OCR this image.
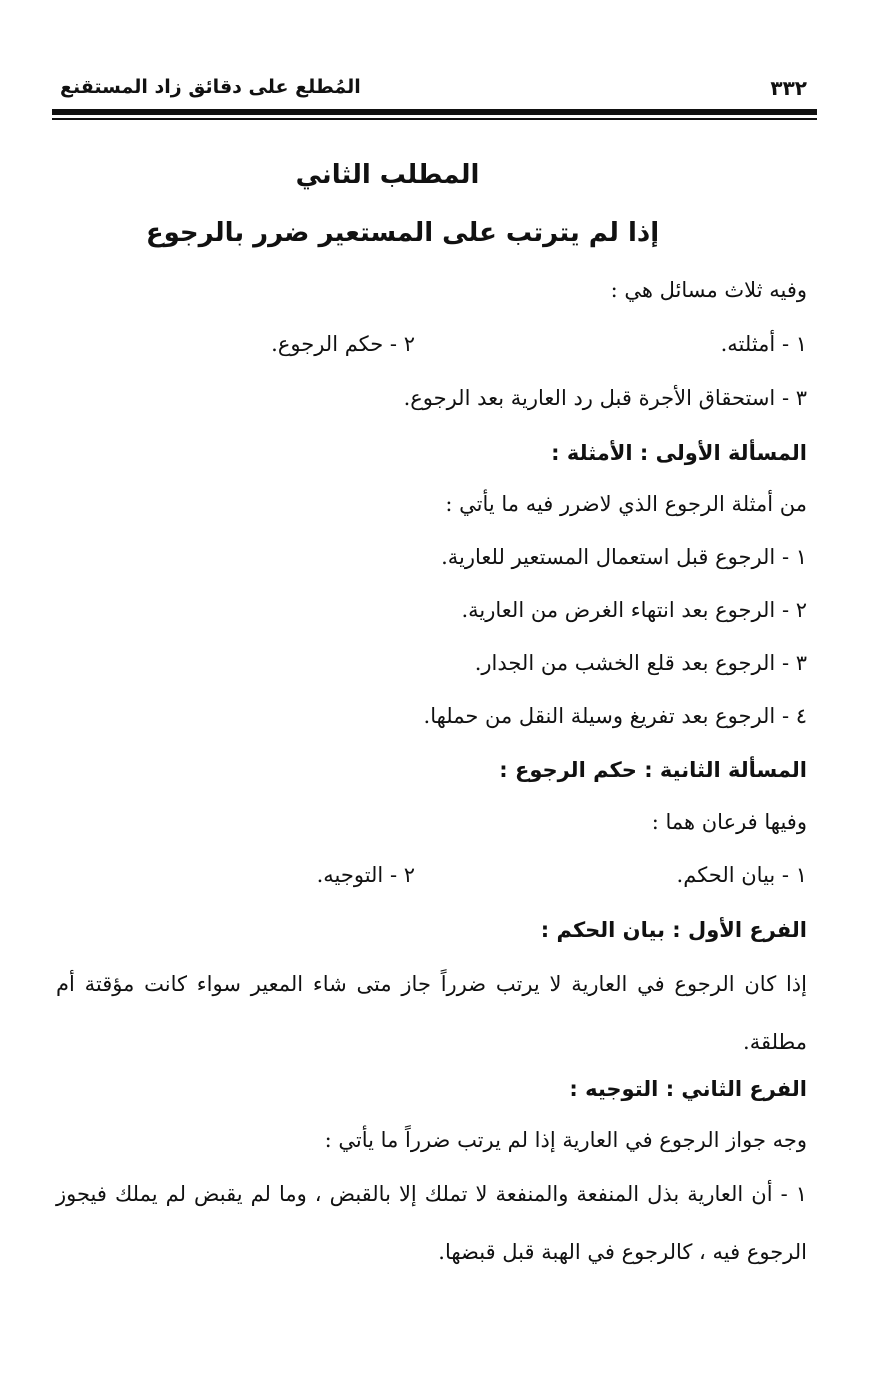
المُطلع على دقائق زاد المستقنع	٣٣٢
المطلب الثاني
إذا لم يترتب على المستعير ضرر بالرجوع
وفيه ثلاث مسائل هي :
١ - أمثلته.
٢ - حكم الرجوع.
٣ - استحقاق الأجرة قبل رد العارية بعد الرجوع.
المسألة الأولى : الأمثلة :
من أمثلة الرجوع الذي لاضرر فيه ما يأتي :
١ - الرجوع قبل استعمال المستعير للعارية.
٢ - الرجوع بعد انتهاء الغرض من العارية.
٣ - الرجوع بعد قلع الخشب من الجدار.
٤ - الرجوع بعد تفريغ وسيلة النقل من حملها.
المسألة الثانية : حكم الرجوع :
وفيها فرعان هما :
١ - بيان الحكم.
٢ - التوجيه.
الفرع الأول : بيان الحكم :
إذا كان الرجوع في العارية لا يرتب ضرراً جاز متى شاء المعير سواء كانت مؤقتة أم مطلقة.
الفرع الثاني : التوجيه :
وجه جواز الرجوع في العارية إذا لم يرتب ضرراً ما يأتي :
١ - أن العارية بذل المنفعة والمنفعة لا تملك إلا بالقبض ، وما لم يقبض لم يملك فيجوز الرجوع فيه ، كالرجوع في الهبة قبل قبضها.
